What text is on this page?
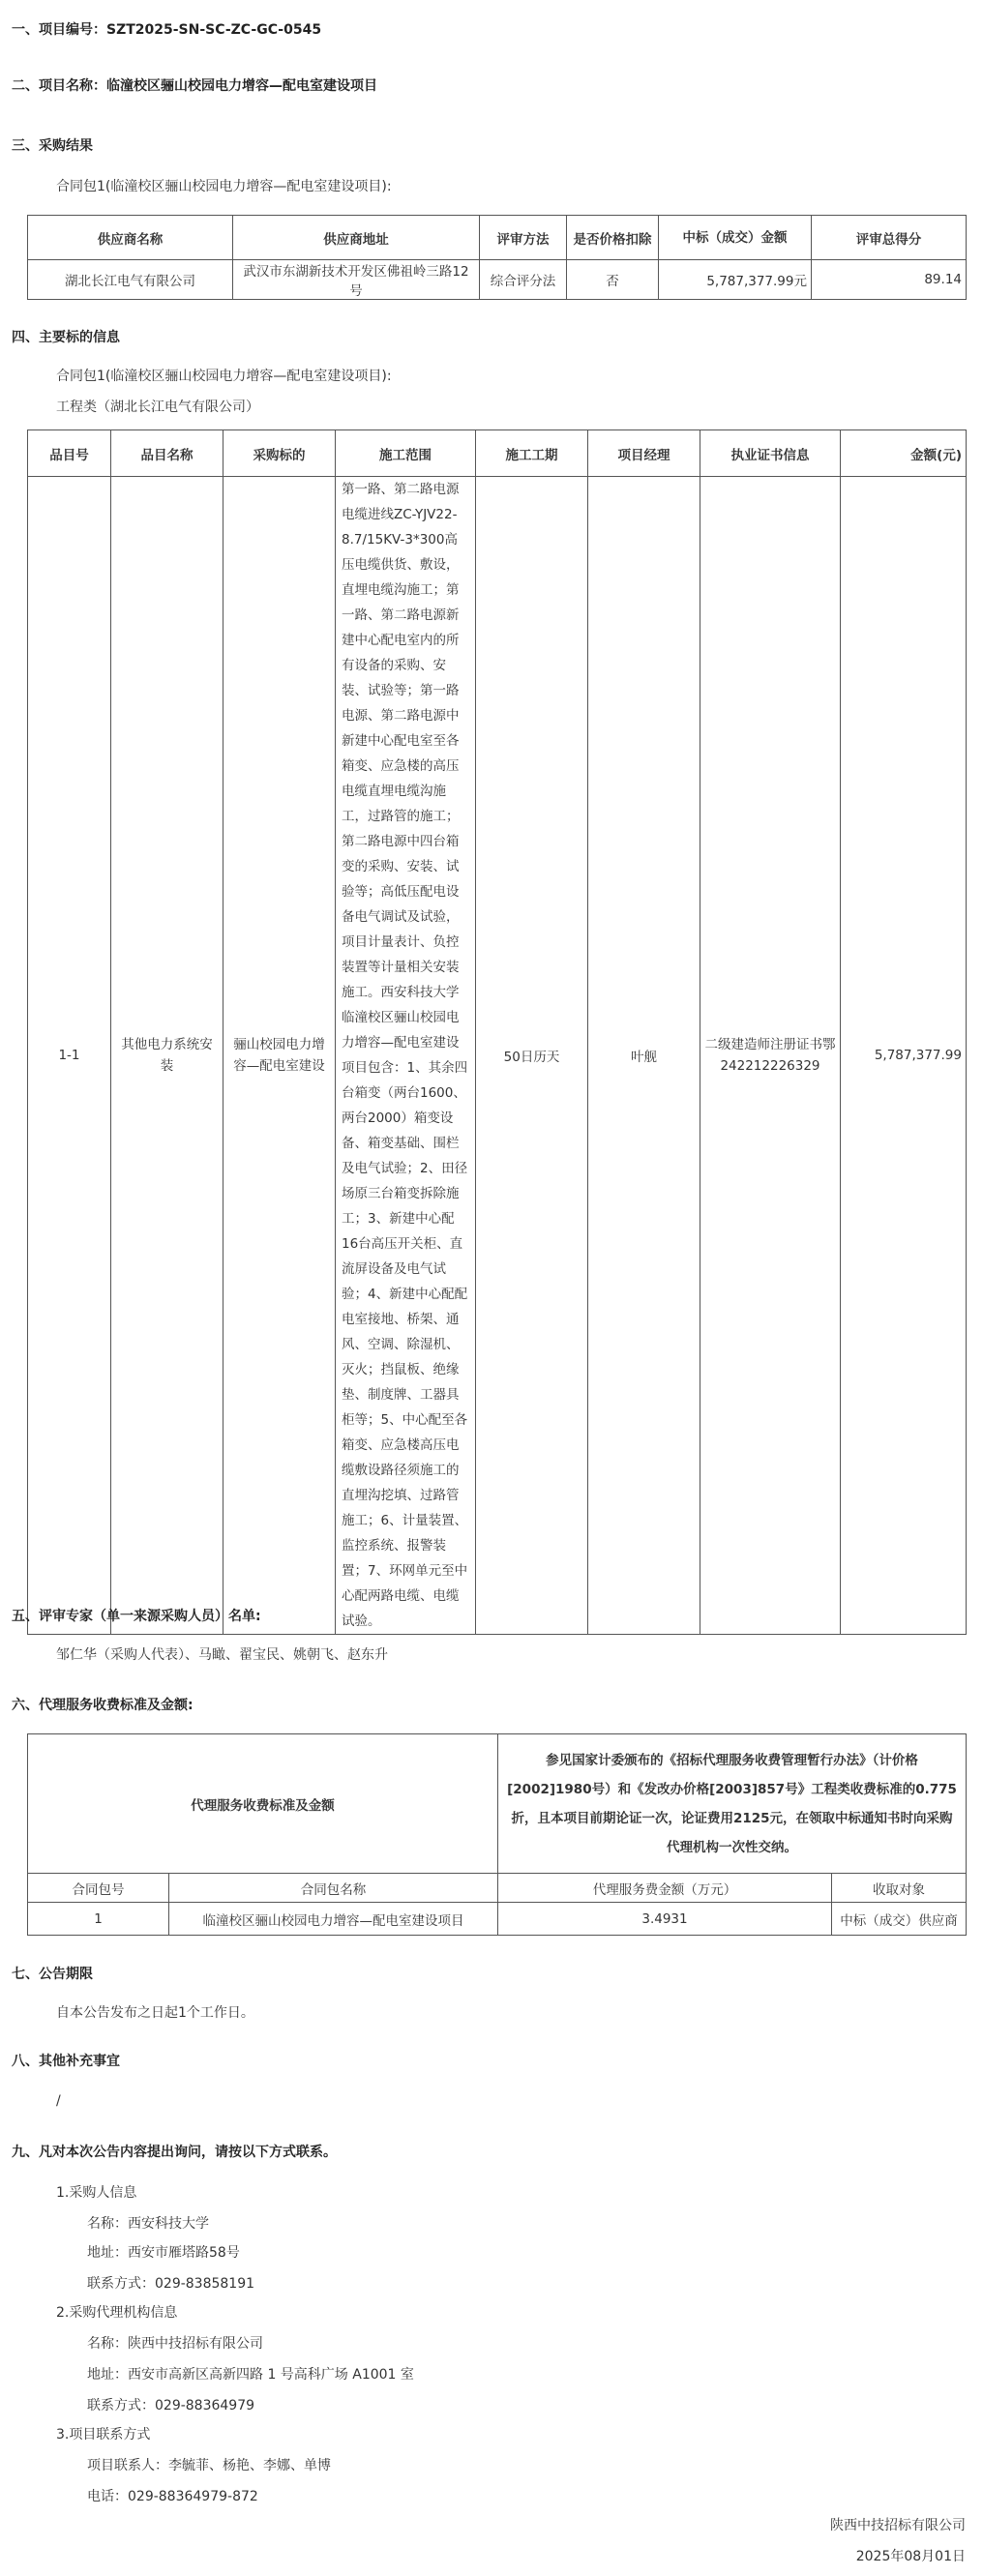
一、项目编号：SZT2025-SN-SC-ZC-GC-0545
二、项目名称：临潼校区骊山校园电力增容—配电室建设项目
三、采购结果
合同包1(临潼校区骊山校园电力增容—配电室建设项目):
供应商名称	供应商地址	评审方法	是否价格扣除	中标（成交）金额	评审总得分
湖北长江电气有限公司	武汉市东湖新技术开发区佛祖岭三路12号	综合评分法	否	5,787,377.99元	89.14
四、主要标的信息
合同包1(临潼校区骊山校园电力增容—配电室建设项目):
工程类（湖北长江电气有限公司）
品目号	品目名称	采购标的	施工范围	施工工期	项目经理	执业证书信息	金额(元)
1-1	其他电力系统安装	骊山校园电力增容—配电室建设	第一路、第二路电源电缆进线ZC-YJV22-8.7/15KV-3*300高压电缆供货、敷设，直埋电缆沟施工；第一路、第二路电源新建中心配电室内的所有设备的采购、安装、试验等；第一路电源、第二路电源中新建中心配电室至各箱变、应急楼的高压电缆直埋电缆沟施工，过路管的施工；第二路电源中四台箱变的采购、安装、试验等；高低压配电设备电气调试及试验，项目计量表计、负控装置等计量相关安装施工。西安科技大学临潼校区骊山校园电力增容—配电室建设项目包含：1、其余四台箱变（两台1600、两台2000）箱变设备、箱变基础、围栏及电气试验；2、田径场原三台箱变拆除施工；3、新建中心配16台高压开关柜、直流屏设备及电气试验；4、新建中心配配电室接地、桥架、通风、空调、除湿机、灭火；挡鼠板、绝缘垫、制度牌、工器具柜等；5、中心配至各箱变、应急楼高压电缆敷设路径须施工的直埋沟挖填、过路管施工；6、计量装置、监控系统、报警装置；7、环网单元至中心配两路电缆、电缆试验。	50日历天	叶舰	二级建造师注册证书鄂242212226329	5,787,377.99
五、评审专家（单一来源采购人员）名单:
邹仁华（采购人代表）、马瞰、翟宝民、姚朝飞、赵东升
六、代理服务收费标准及金额:
代理服务收费标准及金额		参见国家计委颁布的《招标代理服务收费管理暂行办法》（计价格[2002]1980号）和《发改办价格[2003]857号》工程类收费标准的0.775折，且本项目前期论证一次，论证费用2125元，在领取中标通知书时向采购代理机构一次性交纳。	
合同包号	合同包名称	代理服务费金额（万元）	收取对象
1	临潼校区骊山校园电力增容—配电室建设项目	3.4931	中标（成交）供应商
七、公告期限
自本公告发布之日起1个工作日。
八、其他补充事宜
/
九、凡对本次公告内容提出询问，请按以下方式联系。
1.采购人信息
名称：西安科技大学
地址：西安市雁塔路58号
联系方式：029-83858191
2.采购代理机构信息
名称：陕西中技招标有限公司
地址：西安市高新区高新四路 1 号高科广场 A1001 室
联系方式：029-88364979
3.项目联系方式
项目联系人：李毓菲、杨艳、李娜、单博
电话：029-88364979-872
陕西中技招标有限公司
2025年08月01日
